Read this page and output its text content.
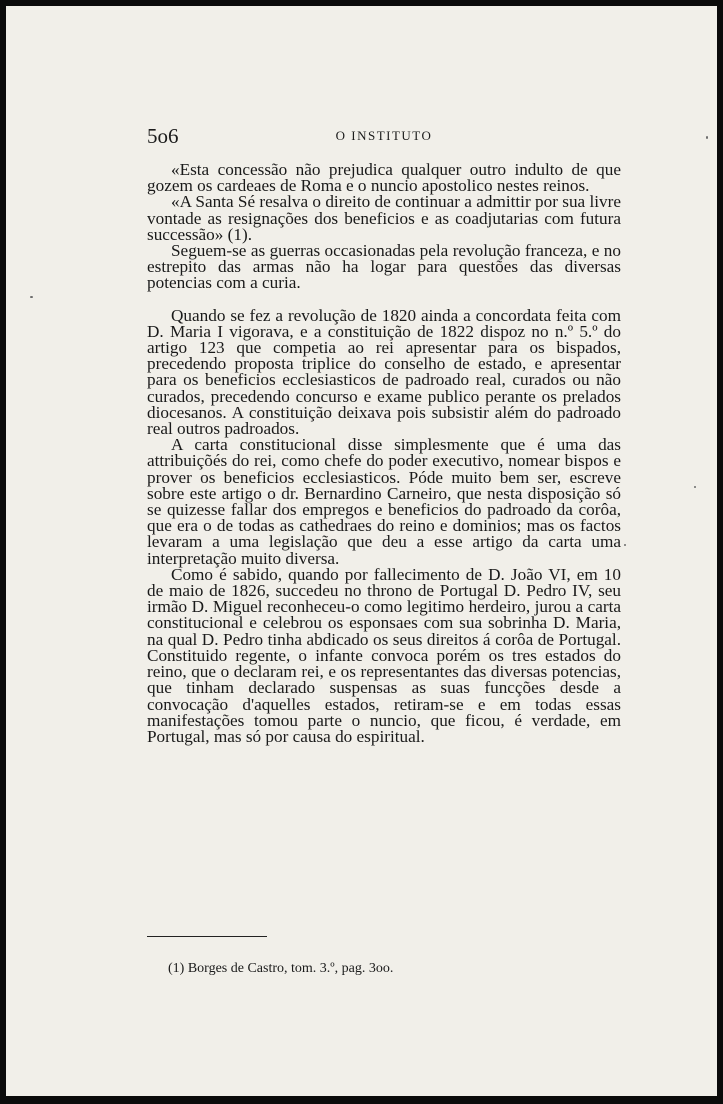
5o6	O INSTITUTO

«Esta concessão não prejudica qualquer outro indulto de que gozem os cardeaes de Roma e o nuncio apostolico nestes reinos.

«A Santa Sé resalva o direito de continuar a admittir por sua livre vontade as resignações dos beneficios e as coadjutarias com futura successão» (1).

Seguem-se as guerras occasionadas pela revolução franceza, e no estrepito das armas não ha logar para questões das diversas potencias com a curia.

Quando se fez a revolução de 1820 ainda a concordata feita com D. Maria I vigorava, e a constituição de 1822 dispoz no n.º 5.º do artigo 123 que competia ao rei apresentar para os bispados, precedendo proposta triplice do conselho de estado, e apresentar para os beneficios ecclesiasticos de padroado real, curados ou não curados, precedendo concurso e exame publico perante os prelados diocesanos. A constituição deixava pois subsistir além do padroado real outros padroados.

A carta constitucional disse simplesmente que é uma das attribuiçõés do rei, como chefe do poder executivo, nomear bispos e prover os beneficios ecclesiasticos. Póde muito bem ser, escreve sobre este artigo o dr. Bernardino Carneiro, que nesta disposição só se quizesse fallar dos empregos e beneficios do padroado da corôa, que era o de todas as cathedraes do reino e dominios; mas os factos levaram a uma legislação que deu a esse artigo da carta uma interpretação muito diversa.

Como é sabido, quando por fallecimento de D. João VI, em 10 de maio de 1826, succedeu no throno de Portugal D. Pedro IV, seu irmão D. Miguel reconheceu-o como legitimo herdeiro, jurou a carta constitucional e celebrou os esponsaes com sua sobrinha D. Maria, na qual D. Pedro tinha abdicado os seus direitos á corôa de Portugal. Constituido regente, o infante convoca porém os tres estados do reino, que o declaram rei, e os representantes das diversas potencias, que tinham declarado suspensas as suas funcções desde a convocação d'aquelles estados, retiram-se e em todas essas manifestações tomou parte o nuncio, que ficou, é verdade, em Portugal, mas só por causa do espiritual.

(1) Borges de Castro, tom. 3.º, pag. 3oo.
